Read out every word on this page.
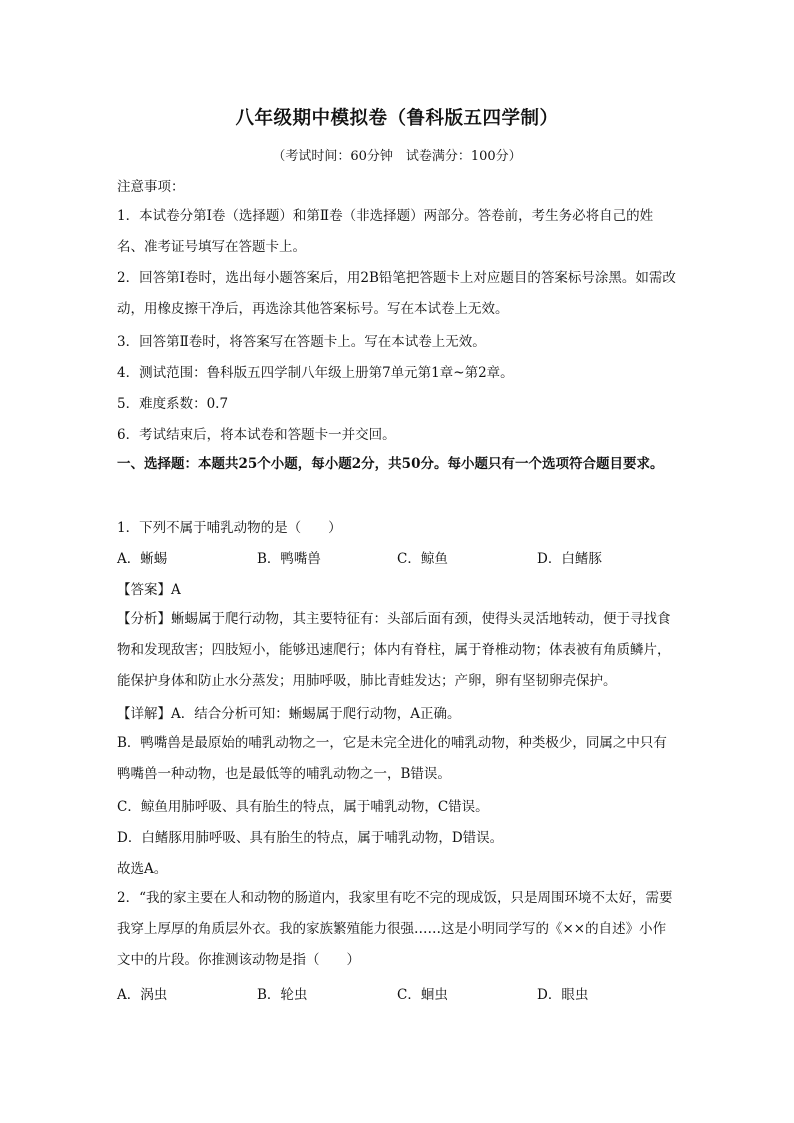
八年级期中模拟卷（鲁科版五四学制）
（考试时间：60分钟　试卷满分：100分）
注意事项：
1．本试卷分第Ⅰ卷（选择题）和第Ⅱ卷（非选择题）两部分。答卷前，考生务必将自己的姓名、准考证号填写在答题卡上。
2．回答第Ⅰ卷时，选出每小题答案后，用2B铅笔把答题卡上对应题目的答案标号涂黑。如需改动，用橡皮擦干净后，再选涂其他答案标号。写在本试卷上无效。
3．回答第Ⅱ卷时，将答案写在答题卡上。写在本试卷上无效。
4．测试范围：鲁科版五四学制八年级上册第7单元第1章~第2章。
5．难度系数：0.7
6．考试结束后，将本试卷和答题卡一并交回。
一、选择题：本题共25个小题，每小题2分，共50分。每小题只有一个选项符合题目要求。
1．下列不属于哺乳动物的是（　　）
A．蜥蜴	B．鸭嘴兽	C．鲸鱼	D．白鳍豚
【答案】A
【分析】蜥蜴属于爬行动物，其主要特征有：头部后面有颈，使得头灵活地转动，便于寻找食物和发现敌害；四肢短小，能够迅速爬行；体内有脊柱，属于脊椎动物；体表被有角质鳞片，能保护身体和防止水分蒸发；用肺呼吸，肺比青蛙发达；产卵，卵有坚韧卵壳保护。
【详解】A．结合分析可知：蜥蜴属于爬行动物，A正确。
B．鸭嘴兽是最原始的哺乳动物之一，它是未完全进化的哺乳动物，种类极少，同属之中只有鸭嘴兽一种动物，也是最低等的哺乳动物之一，B错误。
C．鲸鱼用肺呼吸、具有胎生的特点，属于哺乳动物，C错误。
D．白鳍豚用肺呼吸、具有胎生的特点，属于哺乳动物，D错误。
故选A。
2．“我的家主要在人和动物的肠道内，我家里有吃不完的现成饭，只是周围环境不太好，需要我穿上厚厚的角质层外衣。我的家族繁殖能力很强……这是小明同学写的《××的自述》小作文中的片段。你推测该动物是指（　　）
A．涡虫	B．轮虫	C．蛔虫	D．眼虫
